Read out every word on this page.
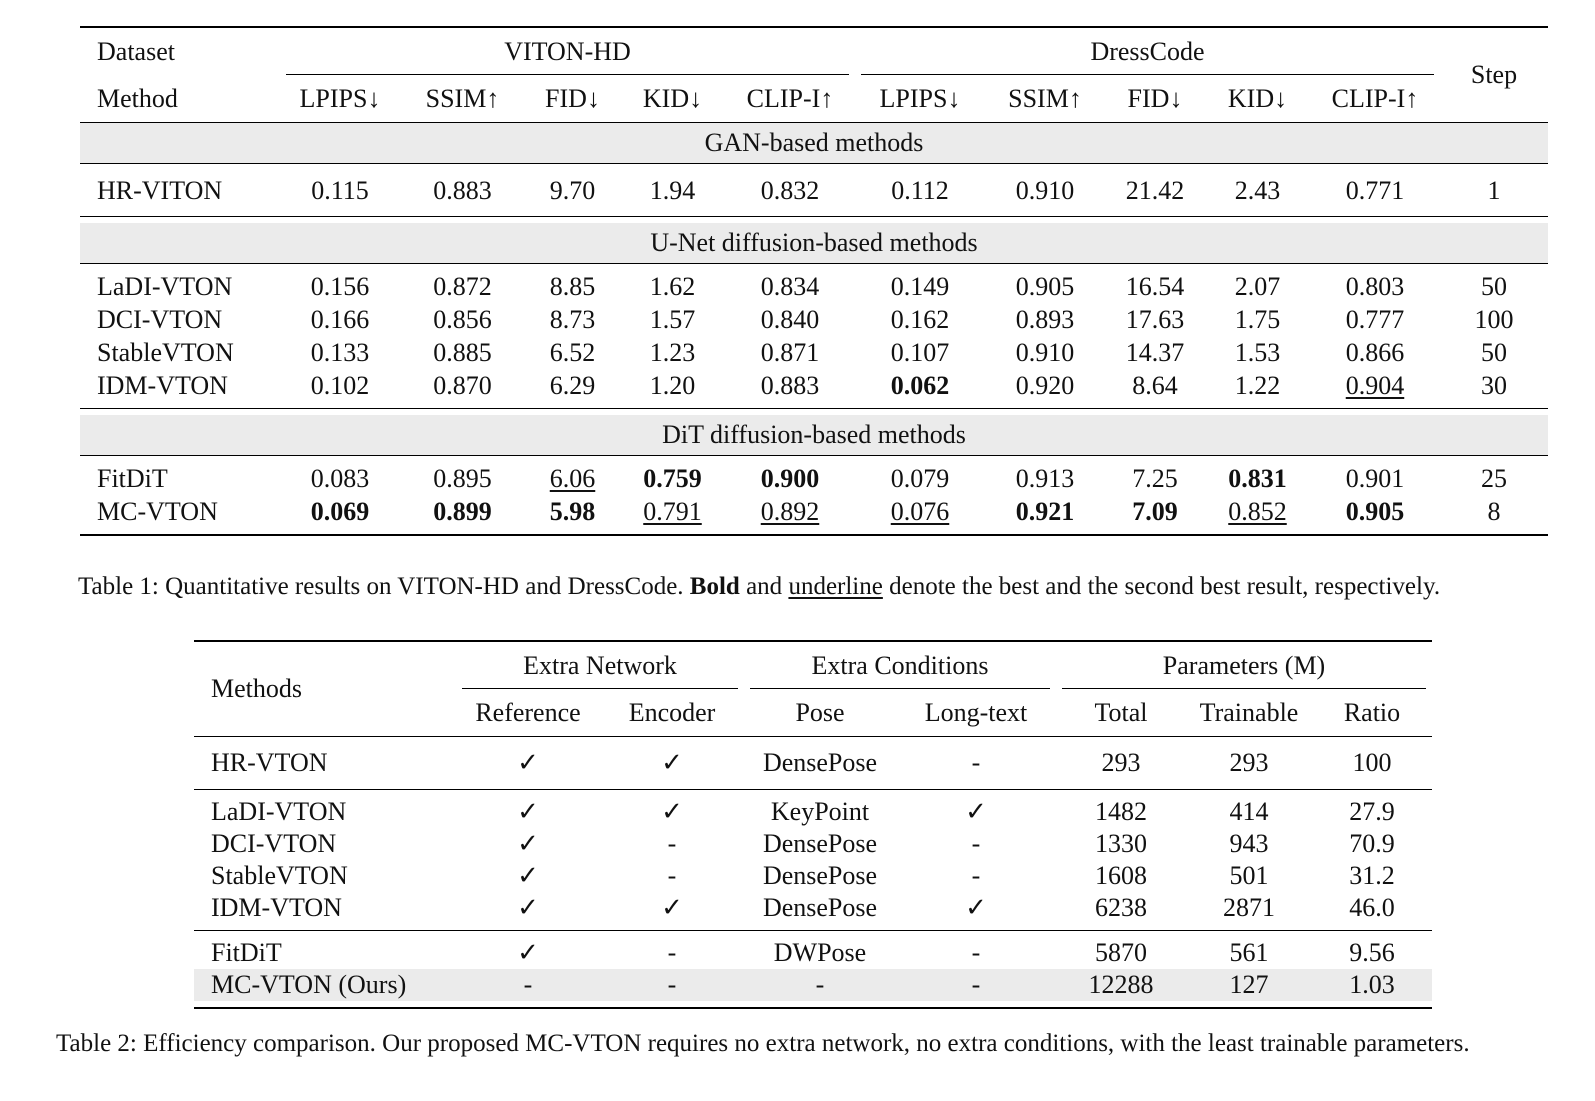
Dataset	VITON-HD					DressCode					Step
Method	LPIPS↓	SSIM↑	FID↓	KID↓	CLIP-I↑	LPIPS↓	SSIM↑	FID↓	KID↓	CLIP-I↑	
GAN-based methods											

HR-VITON	0.115	0.883	9.70	1.94	0.832	0.112	0.910	21.42	2.43	0.771	1

U-Net diffusion-based methods											

LaDI-VTON	0.156	0.872	8.85	1.62	0.834	0.149	0.905	16.54	2.07	0.803	50
DCI-VTON	0.166	0.856	8.73	1.57	0.840	0.162	0.893	17.63	1.75	0.777	100
StableVTON	0.133	0.885	6.52	1.23	0.871	0.107	0.910	14.37	1.53	0.866	50
IDM-VTON	0.102	0.870	6.29	1.20	0.883	0.062	0.920	8.64	1.22	0.904	30

DiT diffusion-based methods											

FitDiT	0.083	0.895	6.06	0.759	0.900	0.079	0.913	7.25	0.831	0.901	25
MC-VTON	0.069	0.899	5.98	0.791	0.892	0.076	0.921	7.09	0.852	0.905	8

Table 1: Quantitative results on VITON-HD and DressCode. Bold and underline denote the best and the second best result, respectively.
Methods	Extra Network		Extra Conditions		Parameters (M)		
	Reference	Encoder	Pose	Long-text	Total	Trainable	Ratio

HR-VTON	✓	✓	DensePose	-	293	293	100

LaDI-VTON	✓	✓	KeyPoint	✓	1482	414	27.9
DCI-VTON	✓	-	DensePose	-	1330	943	70.9
StableVTON	✓	-	DensePose	-	1608	501	31.2
IDM-VTON	✓	✓	DensePose	✓	6238	2871	46.0

FitDiT	✓	-	DWPose	-	5870	561	9.56
MC-VTON (Ours)	-	-	-	-	12288	127	1.03

Table 2: Efficiency comparison. Our proposed MC-VTON requires no extra network, no extra conditions, with the least trainable parameters.
